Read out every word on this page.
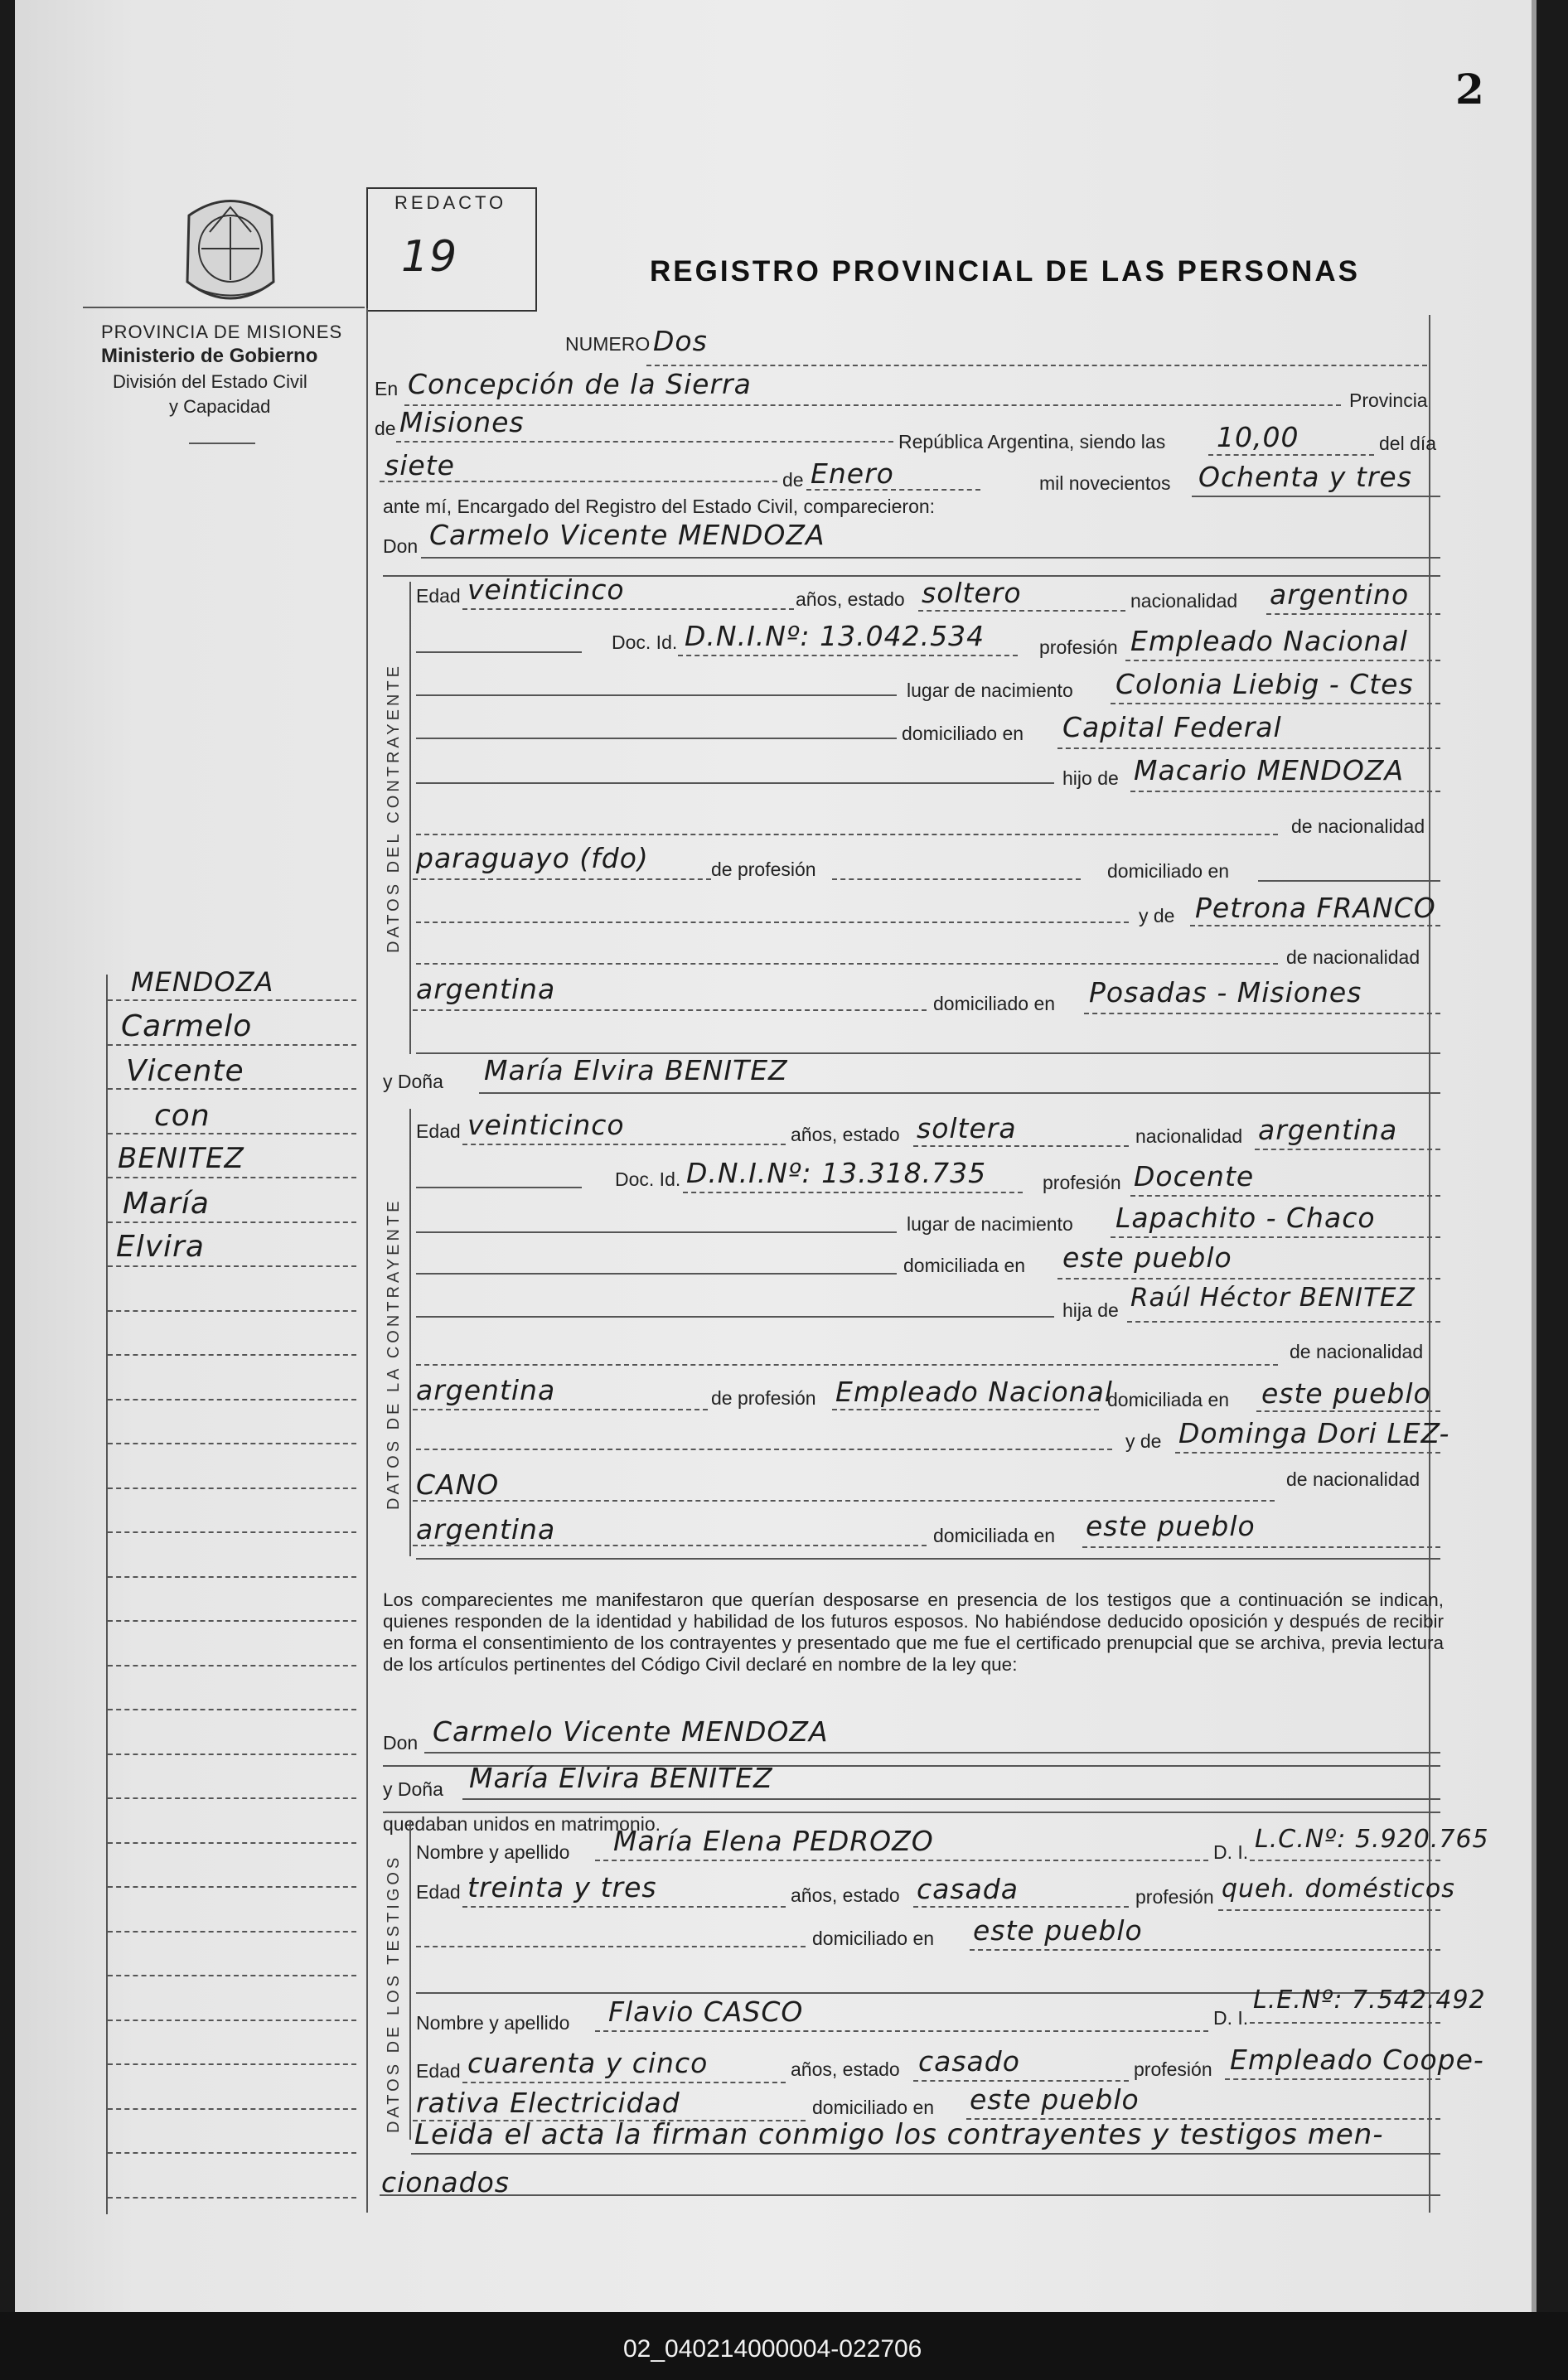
2
PROVINCIA DE MISIONES
Ministerio de Gobierno
División del Estado Civil
y Capacidad
REDACTO
19	REGISTRO PROVINCIAL DE LAS PERSONAS
NUMERO Dos
En Concepción de la Sierra	Provincia
de Misiones
República Argentina, siendo las 10,00	del día
siete	de Enero	mil novecientos Ochenta y tres
ante mí, Encargado del Registro del Estado Civil, comparecieron:
Don Carmelo Vicente MENDOZA
DATOS DEL CONTRAYENTE
Edad veinticinco	años, estado soltero	nacionalidad argentino
Doc. Id. D.N.I.Nº: 13.042.534	profesión Empleado Nacional
lugar de nacimiento Colonia Liebig - Ctes
domiciliado en Capital Federal
hijo de Macario MENDOZA
de nacionalidad
paraguayo (fdo)	de profesión	domiciliado en
y de Petrona FRANCO
de nacionalidad
argentina	domiciliado en Posadas - Misiones
y Doña María Elvira BENITEZ
DATOS DE LA CONTRAYENTE
Edad veinticinco	años, estado soltera	nacionalidad argentina
Doc. Id. D.N.I.Nº: 13.318.735	profesión Docente
lugar de nacimiento Lapachito - Chaco
domiciliada en este pueblo
hija de Raúl Héctor BENITEZ
de nacionalidad
argentina	de profesión Empleado Nacional
domiciliada en este pueblo
y de Dominga Dori LEZ-
CANO	de nacionalidad
argentina	domiciliada en este pueblo
Los comparecientes me manifestaron que querían desposarse en presencia de los testigos que a continuación se indican, quienes responden de la identidad y habilidad de los futuros esposos. No habiéndose deducido oposición y después de recibir en forma el consentimiento de los contrayentes y presentado que me fue el certificado prenupcial que se archiva, previa lectura de los artículos pertinentes del Código Civil declaré en nombre de la ley que:
Don Carmelo Vicente MENDOZA
y Doña María Elvira BENITEZ
quedaban unidos en matrimonio.
DATOS DE LOS TESTIGOS
Nombre y apellido María Elena PEDROZO	D. I. L.C.Nº: 5.920.765
Edad treinta y tres	años, estado casada	profesión queh. domésticos
domiciliado en este pueblo
Nombre y apellido Flavio CASCO	D. I.
L.E.Nº: 7.542.492
Edad cuarenta y cinco	años, estado casado	profesión Empleado Coope-
rativa Electricidad	domiciliado en este pueblo
Leida el acta la firman conmigo los contrayentes y testigos men-
cionados
MENDOZA
Carmelo
Vicente
con
BENITEZ
María
Elvira
02_040214000004-022706
